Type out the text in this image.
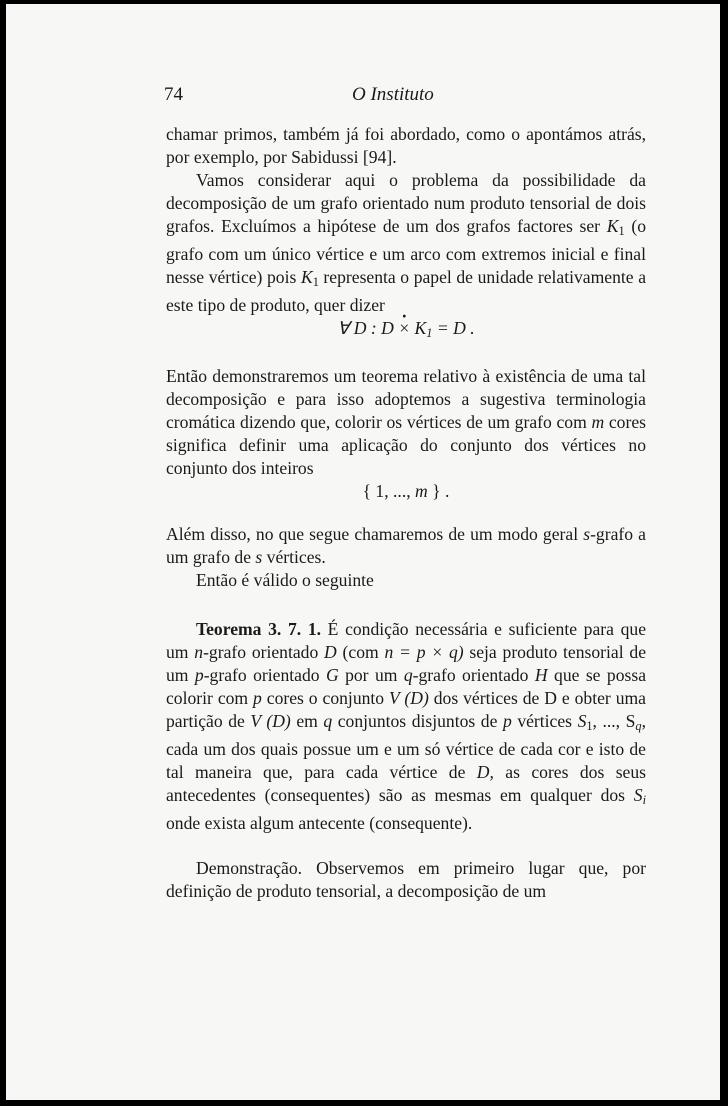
74	O Instituto

chamar primos, também já foi abordado, como o apontámos atrás, por exemplo, por Sabidussi [94].

Vamos considerar aqui o problema da possibilidade da decomposição de um grafo orientado num produto tensorial de dois grafos. Excluímos a hipótese de um dos grafos factores ser $K_1$ (o grafo com um único vértice e um arco com extremos inicial e final nesse vértice) pois $K_1$ representa o papel de unidade relativamente a este tipo de produto, quer dizer

∀ D : D · × $K_1 = D$ .

Então demonstraremos um teorema relativo à existência de uma tal decomposição e para isso adoptemos a sugestiva terminologia cromática dizendo que, colorir os vértices de um grafo com m cores significa definir uma aplicação do conjunto dos vértices no conjunto dos inteiros

{ 1, ..., m } .

Além disso, no que segue chamaremos de um modo geral s-grafo a um grafo de s vértices.

Então é válido o seguinte

Teorema 3. 7. 1. É condição necessária e suficiente para que um n-grafo orientado D (com n = p × q) seja produto tensorial de um p-grafo orientado G por um q-grafo orientado H que se possa colorir com p cores o conjunto V (D) dos vértices de D e obter uma partição de V (D) em q conjuntos disjuntos de p vértices $S_1$, ..., $S_q$, cada um dos quais possue um e um só vértice de cada cor e isto de tal maneira que, para cada vértice de D, as cores dos seus antecedentes (consequentes) são as mesmas em qualquer dos $S_i$ onde exista algum antecente (consequente).

Demonstração. Observemos em primeiro lugar que, por definição de produto tensorial, a decomposição de um
